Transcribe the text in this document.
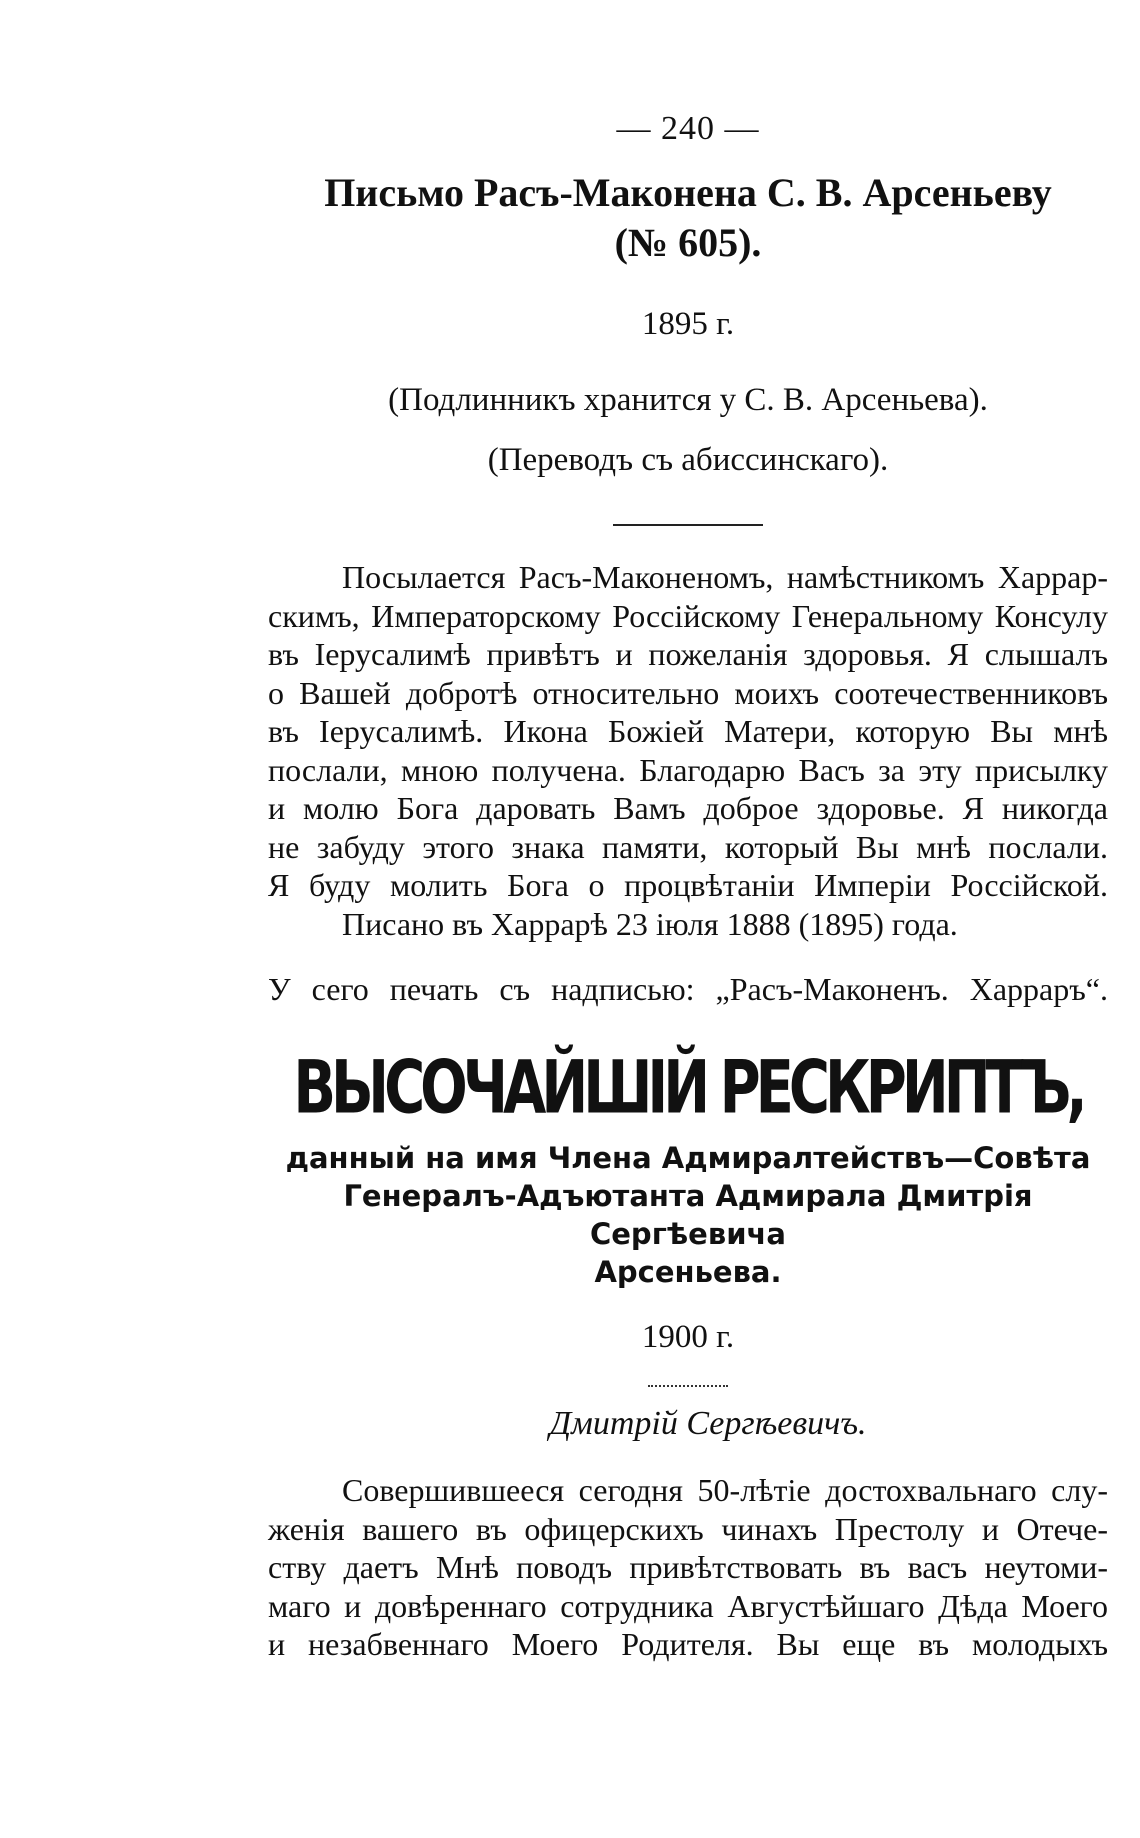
— 240 —
Письмо Расъ-Маконена С. В. Арсеньеву
(№ 605).
1895 г.
(Подлинникъ хранится у С. В. Арсеньева).
(Переводъ съ абиссинскаго).

Посылается Расъ-Маконеномъ, намѣстникомъ Харрар-

скимъ, Императорскому Россійскому Генеральному Консулу

въ Іерусалимѣ привѣтъ и пожеланія здоровья. Я слышалъ

о Вашей добротѣ относительно моихъ соотечественниковъ

въ Іерусалимѣ. Икона Божіей Матери, которую Вы мнѣ

послали, мною получена. Благодарю Васъ за эту присылку

и молю Бога даровать Вамъ доброе здоровье. Я никогда

не забуду этого знака памяти, который Вы мнѣ послали.

Я буду молить Бога о процвѣтаніи Имперіи Россійской.

Писано въ Харрарѣ 23 іюля 1888 (1895) года.

У сего печать съ надписью: „Расъ-Маконенъ. Харраръ“.
ВЫСОЧАЙШІЙ РЕСКРИПТЪ,

данный на имя Члена Адмиралтействъ—Совѣта

Генералъ-Адъютанта Адмирала Дмитрія Сергѣевича

Арсеньева.

1900 г.
Дмитрій Сергѣевичъ.

Совершившееся сегодня 50-лѣтіе достохвальнаго слу-

женія вашего въ офицерскихъ чинахъ Престолу и Отече-

ству даетъ Мнѣ поводъ привѣтствовать въ васъ неутоми-

маго и довѣреннаго сотрудника Августѣйшаго Дѣда Моего

и незабвеннаго Моего Родителя. Вы еще въ молодыхъ
